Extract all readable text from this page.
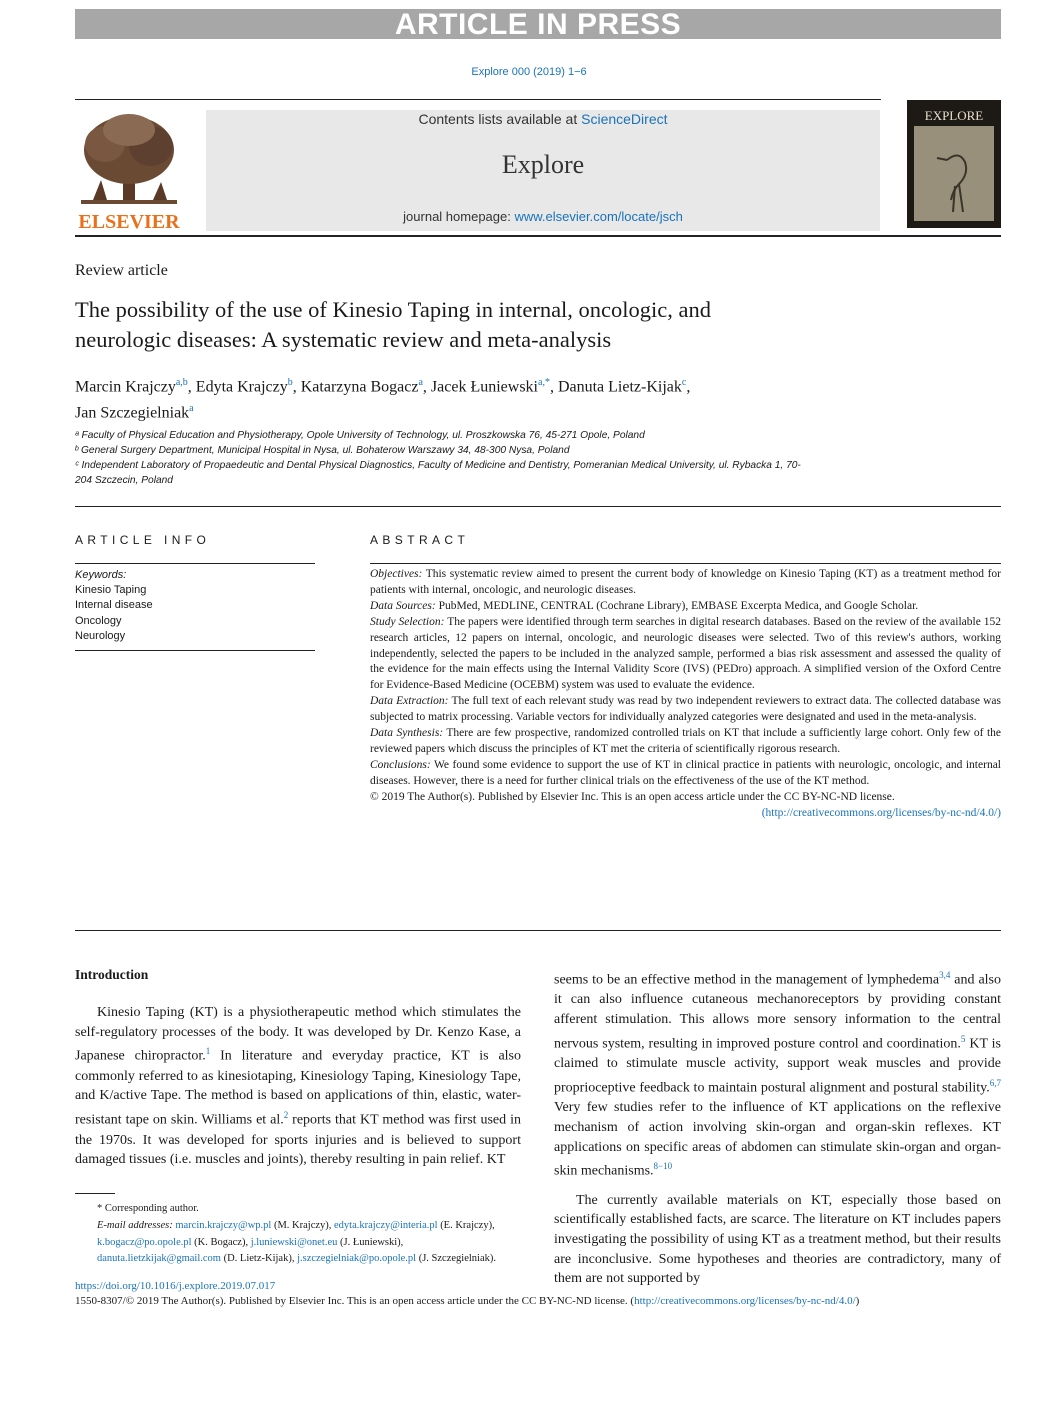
ARTICLE IN PRESS
Explore 000 (2019) 1−6
ELSEVIER
Contents lists available at ScienceDirect
Explore
journal homepage: www.elsevier.com/locate/jsch
EXPLORE
Review article
The possibility of the use of Kinesio Taping in internal, oncologic, and
neurologic diseases: A systematic review and meta-analysis
Marcin Krajczy$^{a,b}$, Edyta Krajczy$^b$, Katarzyna Bogacz$^a$, Jacek Łuniewski$^{a,*}$, Danuta Lietz-Kijak$^c$,
Jan Szczegielniak$^a$
ᵃ Faculty of Physical Education and Physiotherapy, Opole University of Technology, ul. Proszkowska 76, 45-271 Opole, Poland
ᵇ General Surgery Department, Municipal Hospital in Nysa, ul. Bohaterow Warszawy 34, 48-300 Nysa, Poland
ᶜ Independent Laboratory of Propaedeutic and Dental Physical Diagnostics, Faculty of Medicine and Dentistry, Pomeranian Medical University, ul. Rybacka 1, 70-
204 Szczecin, Poland
ARTICLE INFO	ABSTRACT
Keywords:
Kinesio Taping
Internal disease
Oncology
Neurology

Objectives: This systematic review aimed to present the current body of knowledge on Kinesio Taping (KT) as a treatment method for patients with internal, oncologic, and neurologic diseases.

Data Sources: PubMed, MEDLINE, CENTRAL (Cochrane Library), EMBASE Excerpta Medica, and Google Scholar.

Study Selection: The papers were identified through term searches in digital research databases. Based on the review of the available 152 research articles, 12 papers on internal, oncologic, and neurologic diseases were selected. Two of this review's authors, working independently, selected the papers to be included in the analyzed sample, performed a bias risk assessment and assessed the quality of the evidence for the main effects using the Internal Validity Score (IVS) (PEDro) approach. A simplified version of the Oxford Centre for Evidence-Based Medicine (OCEBM) system was used to evaluate the evidence.

Data Extraction: The full text of each relevant study was read by two independent reviewers to extract data. The collected database was subjected to matrix processing. Variable vectors for individually analyzed categories were designated and used in the meta-analysis.

Data Synthesis: There are few prospective, randomized controlled trials on KT that include a sufficiently large cohort. Only few of the reviewed papers which discuss the principles of KT met the criteria of scientifically rigorous research.

Conclusions: We found some evidence to support the use of KT in clinical practice in patients with neurologic, oncologic, and internal diseases. However, there is a need for further clinical trials on the effectiveness of the use of the KT method.

© 2019 The Author(s). Published by Elsevier Inc. This is an open access article under the CC BY-NC-ND license.

(http://creativecommons.org/licenses/by-nc-nd/4.0/)

Introduction

Kinesio Taping (KT) is a physiotherapeutic method which stimulates the self-regulatory processes of the body. It was developed by Dr. Kenzo Kase, a Japanese chiropractor.$^1$ In literature and everyday practice, KT is also commonly referred to as kinesiotaping, Kinesiology Taping, Kinesiology Tape, and K/active Tape. The method is based on applications of thin, elastic, water-resistant tape on skin. Williams et al.$^2$ reports that KT method was first used in the 1970s. It was developed for sports injuries and is believed to support damaged tissues (i.e. muscles and joints), thereby resulting in pain relief. KT

seems to be an effective method in the management of lymphedema$^{3,4}$ and also it can also influence cutaneous mechanoreceptors by providing constant afferent stimulation. This allows more sensory information to the central nervous system, resulting in improved posture control and coordination.$^5$ KT is claimed to stimulate muscle activity, support weak muscles and provide proprioceptive feedback to maintain postural alignment and postural stability.$^{6,7}$ Very few studies refer to the influence of KT applications on the reflexive mechanism of action involving skin-organ and organ-skin reflexes. KT applications on specific areas of abdomen can stimulate skin-organ and organ-skin mechanisms.$^{8-10}$

The currently available materials on KT, especially those based on scientifically established facts, are scarce. The literature on KT includes papers investigating the possibility of using KT as a treatment method, but their results are inconclusive. Some hypotheses and theories are contradictory, many of them are not supported by

* Corresponding author.

E-mail addresses: marcin.krajczy@wp.pl (M. Krajczy), edyta.krajczy@interia.pl (E. Krajczy), k.bogacz@po.opole.pl (K. Bogacz), j.luniewski@onet.eu (J. Łuniewski), danuta.lietzkijak@gmail.com (D. Lietz-Kijak), j.szczegielniak@po.opole.pl (J. Szczegielniak).

https://doi.org/10.1016/j.explore.2019.07.017
1550-8307/© 2019 The Author(s). Published by Elsevier Inc. This is an open access article under the CC BY-NC-ND license. (http://creativecommons.org/licenses/by-nc-nd/4.0/)
